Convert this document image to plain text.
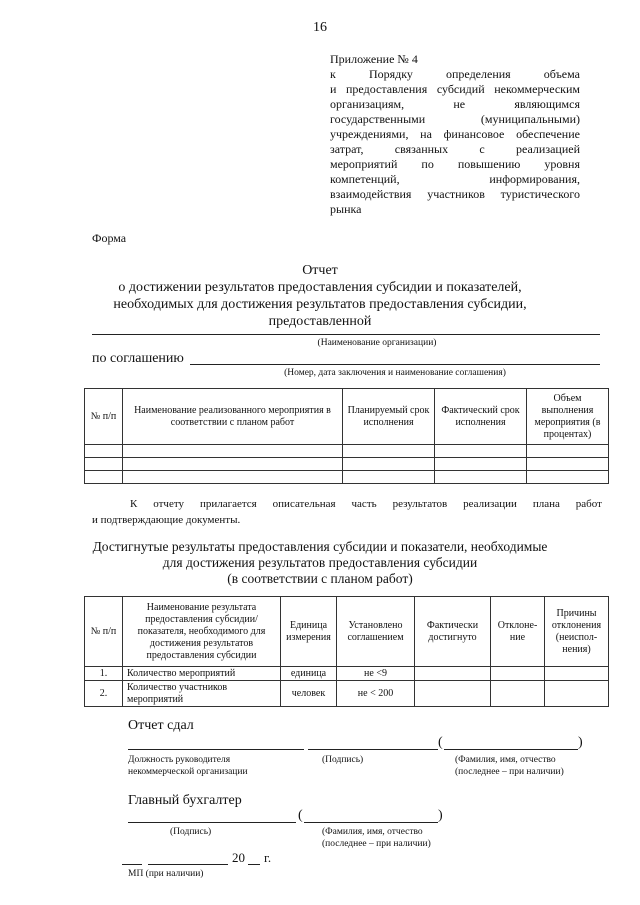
16
Приложение № 4
к	Порядку	определения	объема
и предоставления субсидий некоммерческим
организациям,	не	являющимся
государственными	(муниципальными)
учреждениями, на финансовое обеспечение
затрат,	связанных	с	реализацией
мероприятий по повышению уровня
компетенций,	информирования,
взаимодействия участников туристического
рынка
Форма
Отчет
о достижении результатов предоставления субсидии и показателей,
необходимых для достижения результатов предоставления субсидии,
предоставленной
(Наименование организации)
по соглашению
(Номер, дата заключения и наименование соглашения)
№ п/п	Наименование реализованного мероприятия в соответствии с планом работ	Планируемый срок исполнения	Фактический срок исполнения	Объем выполнения мероприятия (в процентах)

К отчету прилагается описательная часть результатов реализации плана работ
и подтверждающие документы.
Достигнутые результаты предоставления субсидии и показатели, необходимые
для достижения результатов предоставления субсидии
(в соответствии с планом работ)
№ п/п	Наименование результата предоставления субсидии/ показателя, необходимого для достижения результатов предоставления субсидии	Единица измерения	Установлено соглашением	Фактически достигнуто	Отклоне-ние	Причины отклонения (неиспол-нения)
1.	Количество мероприятий	единица	не <9			
2.	Количество участников мероприятий	человек	не < 200			
Отчет сдал
(	)
Должность руководителя некоммерческой организации
(Подпись)	(Фамилия, имя, отчество (последнее – при наличии)
Главный бухгалтер
(	)
(Подпись)	(Фамилия, имя, отчество (последнее – при наличии)
20 г.
МП (при наличии)
